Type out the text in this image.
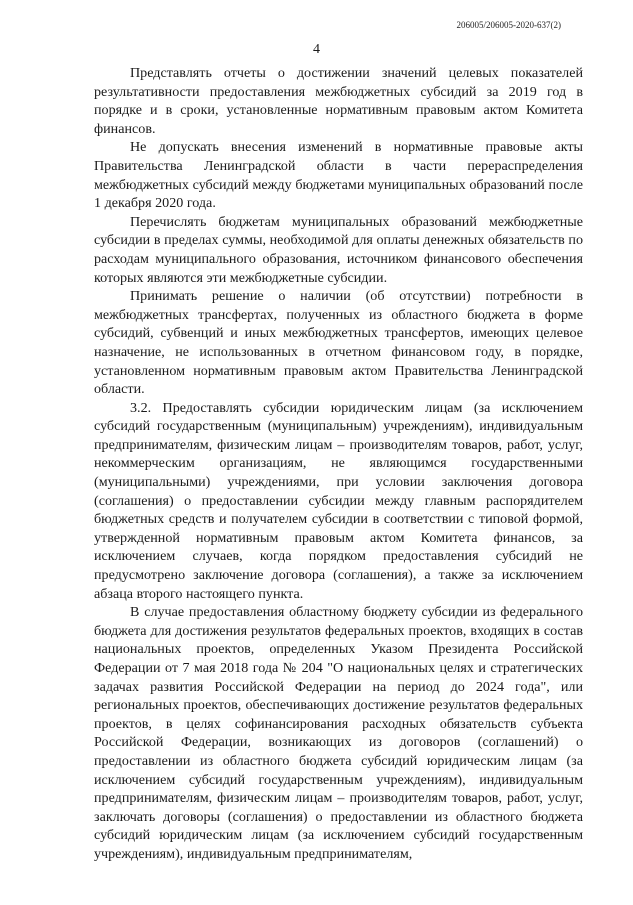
206005/206005-2020-637(2)
4

Представлять отчеты о достижении значений целевых показателей результативности предоставления межбюджетных субсидий за 2019 год в порядке и в сроки, установленные нормативным правовым актом Комитета финансов.

Не допускать внесения изменений в нормативные правовые акты Правительства Ленинградской области в части перераспределения межбюджетных субсидий между бюджетами муниципальных образований после 1 декабря 2020 года.

Перечислять бюджетам муниципальных образований межбюджетные субсидии в пределах суммы, необходимой для оплаты денежных обязательств по расходам муниципального образования, источником финансового обеспечения которых являются эти межбюджетные субсидии.

Принимать решение о наличии (об отсутствии) потребности в межбюджетных трансфертах, полученных из областного бюджета в форме субсидий, субвенций и иных межбюджетных трансфертов, имеющих целевое назначение, не использованных в отчетном финансовом году, в порядке, установленном нормативным правовым актом Правительства Ленинградской области.

3.2. Предоставлять субсидии юридическим лицам (за исключением субсидий государственным (муниципальным) учреждениям), индивидуальным предпринимателям, физическим лицам – производителям товаров, работ, услуг, некоммерческим организациям, не являющимся государственными (муниципальными) учреждениями, при условии заключения договора (соглашения) о предоставлении субсидии между главным распорядителем бюджетных средств и получателем субсидии в соответствии с типовой формой, утвержденной нормативным правовым актом Комитета финансов, за исключением случаев, когда порядком предоставления субсидий не предусмотрено заключение договора (соглашения), а также за исключением абзаца второго настоящего пункта.

В случае предоставления областному бюджету субсидии из федерального бюджета для достижения результатов федеральных проектов, входящих в состав национальных проектов, определенных Указом Президента Российской Федерации от 7 мая 2018 года № 204 "О национальных целях и стратегических задачах развития Российской Федерации на период до 2024 года", или региональных проектов, обеспечивающих достижение результатов федеральных проектов, в целях софинансирования расходных обязательств субъекта Российской Федерации, возникающих из договоров (соглашений) о предоставлении из областного бюджета субсидий юридическим лицам (за исключением субсидий государственным учреждениям), индивидуальным предпринимателям, физическим лицам – производителям товаров, работ, услуг, заключать договоры (соглашения) о предоставлении из областного бюджета субсидий юридическим лицам (за исключением субсидий государственным учреждениям), индивидуальным предпринимателям,
